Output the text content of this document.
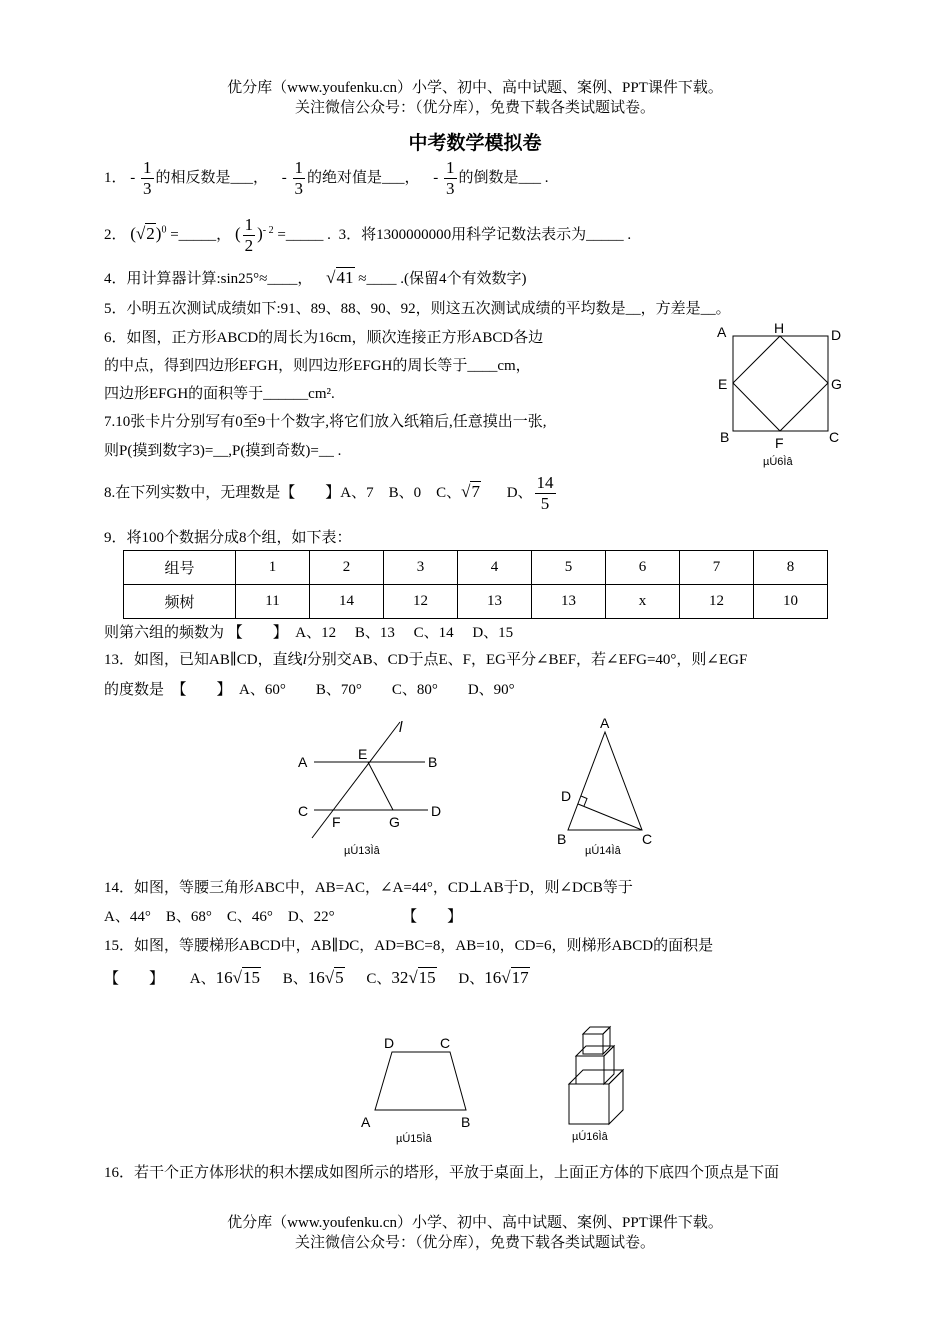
优分库（www.youfenku.cn）小学、初中、高中试题、案例、PPT课件下载。
关注微信公众号：（优分库），免费下载各类试题试卷。
中考数学模拟卷
1． - $\frac{1}{3}$ 的相反数是___， - $\frac{1}{3}$ 的绝对值是___， - $\frac{1}{3}$ 的倒数是___ .
2． $(√2)^0$ =_____， ( $\frac{1}{2} )^{- 2}$ =_____ . 3．将1300000000用科学记数法表示为_____ .
4．用计算器计算:sin25°≈____， √41 ≈____ .(保留4个有效数字)
5．小明五次测试成绩如下:91、89、88、90、92，则这五次测试成绩的平均数是__，方差是__。
6．如图，正方形ABCD的周长为16cm，顺次连接正方形ABCD各边
的中点，得到四边形EFGH，则四边形EFGH的周长等于____cm，
四边形EFGH的面积等于______cm².
7.10张卡片分别写有0至9十个数字,将它们放入纸箱后,任意摸出一张,
则P(摸到数字3)=__,P(摸到奇数)=__ .
8.在下列实数中，无理数是【　　】A、7　B、0　C、√7 D、 $\frac{14}{5}$
9．将100个数据分成8个组，如下表：
组号	1	2	3	4	5	6	7	8
频树	11	14	12	13	13	x	12	10
则第六组的频数为 【　　】　A、12　 B、13　 C、14　 D、15
13．如图，已知AB∥CD，直线l分别交AB、CD于点E、F，EG平分∠BEF，若∠EFG=40°，则∠EGF
的度数是　【　　】　A、60°　　B、70°　　C、80°　　D、90°
14．如图，等腰三角形ABC中，AB=AC，∠A=44°，CD⊥AB于D，则∠DCB等于
A、44°　B、68°　C、46°　D、22°　　　　　【　　】
15．如图，等腰梯形ABCD中，AB∥DC，AD=BC=8，AB=10，CD=6，则梯形ABCD的面积是
【　　】 A、16√15 B、16√5 C、32√15 D、16√17
16．若干个正方体形状的积木摆成如图所示的塔形，平放于桌面上，上面正方体的下底四个顶点是下面
优分库（www.youfenku.cn）小学、初中、高中试题、案例、PPT课件下载。
关注微信公众号：（优分库），免费下载各类试题试卷。
A	H	D
E	G
B	F	C
µÚ6Ìâ
l
A	E	B
C
F	G
D
µÚ13Ìâ
A
D
B	C
µÚ14Ìâ
D	C
A	B
µÚ15Ìâ	µÚ16Ìâ
